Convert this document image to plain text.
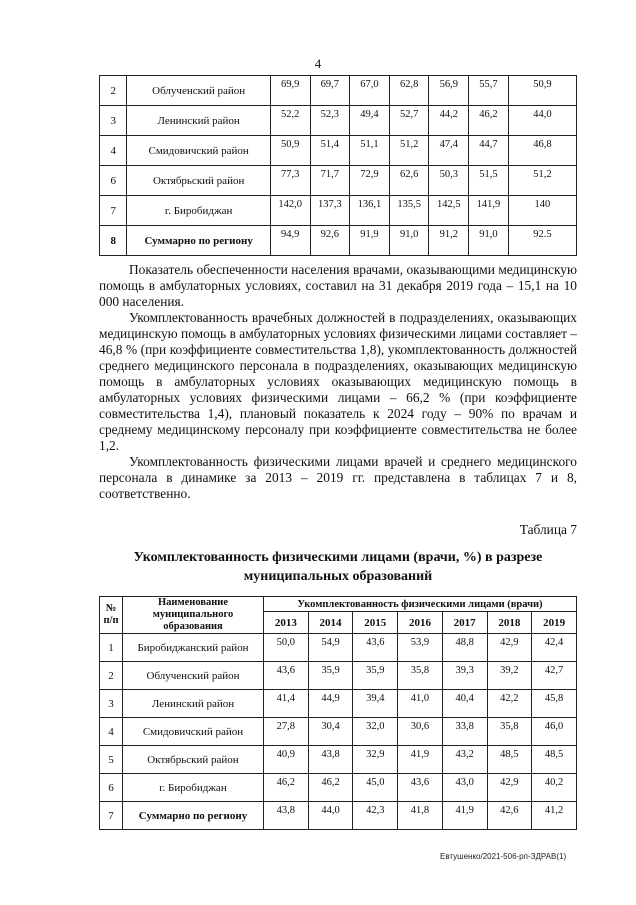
4
2	Облученский район	69,9	69,7	67,0	62,8	56,9	55,7	50,9
3	Ленинский район	52,2	52,3	49,4	52,7	44,2	46,2	44,0
4	Смидовичский район	50,9	51,4	51,1	51,2	47,4	44,7	46,8
6	Октябрьский район	77,3	71,7	72,9	62,6	50,3	51,5	51,2
7	г. Биробиджан	142,0	137,3	136,1	135,5	142,5	141,9	140
8	Суммарно по региону	94,9	92,6	91,9	91,0	91,2	91,0	92.5

Показатель обеспеченности населения врачами, оказывающими медицинскую помощь в амбулаторных условиях, составил на 31 декабря 2019 года – 15,1 на 10 000 населения.

Укомплектованность врачебных должностей в подразделениях, оказывающих медицинскую помощь в амбулаторных условиях физическими лицами составляет – 46,8 % (при коэффициенте совместительства 1,8), укомплектованность должностей среднего медицинского персонала в подразделениях, оказывающих медицинскую помощь в амбулаторных условиях оказывающих медицинскую помощь в амбулаторных условиях физическими лицами – 66,2 % (при коэффициенте совместительства 1,4), плановый показатель к 2024 году – 90% по врачам и среднему медицинскому персоналу при коэффициенте совместительства не более 1,2.

Укомплектованность физическими лицами врачей и среднего медицинского персонала в динамике за 2013 – 2019 гг. представлена в таблицах 7 и 8, соответственно.

Таблица 7
Укомплектованность физическими лицами (врачи, %) в разрезе муниципальных образований
№ п/п	Наименование муниципального образования	Укомплектованность физическими лицами (врачи)						
		2013	2014	2015	2016	2017	2018	2019
1	Биробиджанский район	50,0	54,9	43,6	53,9	48,8	42,9	42,4
2	Облученский район	43,6	35,9	35,9	35,8	39,3	39,2	42,7
3	Ленинский район	41,4	44,9	39,4	41,0	40,4	42,2	45,8
4	Смидовичский район	27,8	30,4	32,0	30,6	33,8	35,8	46,0
5	Октябрьский район	40,9	43,8	32,9	41,9	43,2	48,5	48,5
6	г. Биробиджан	46,2	46,2	45,0	43,6	43,0	42,9	40,2
7	Суммарно по региону	43,8	44,0	42,3	41,8	41,9	42,6	41,2
Евтушенко/2021-506-рп-ЗДРАВ(1)
